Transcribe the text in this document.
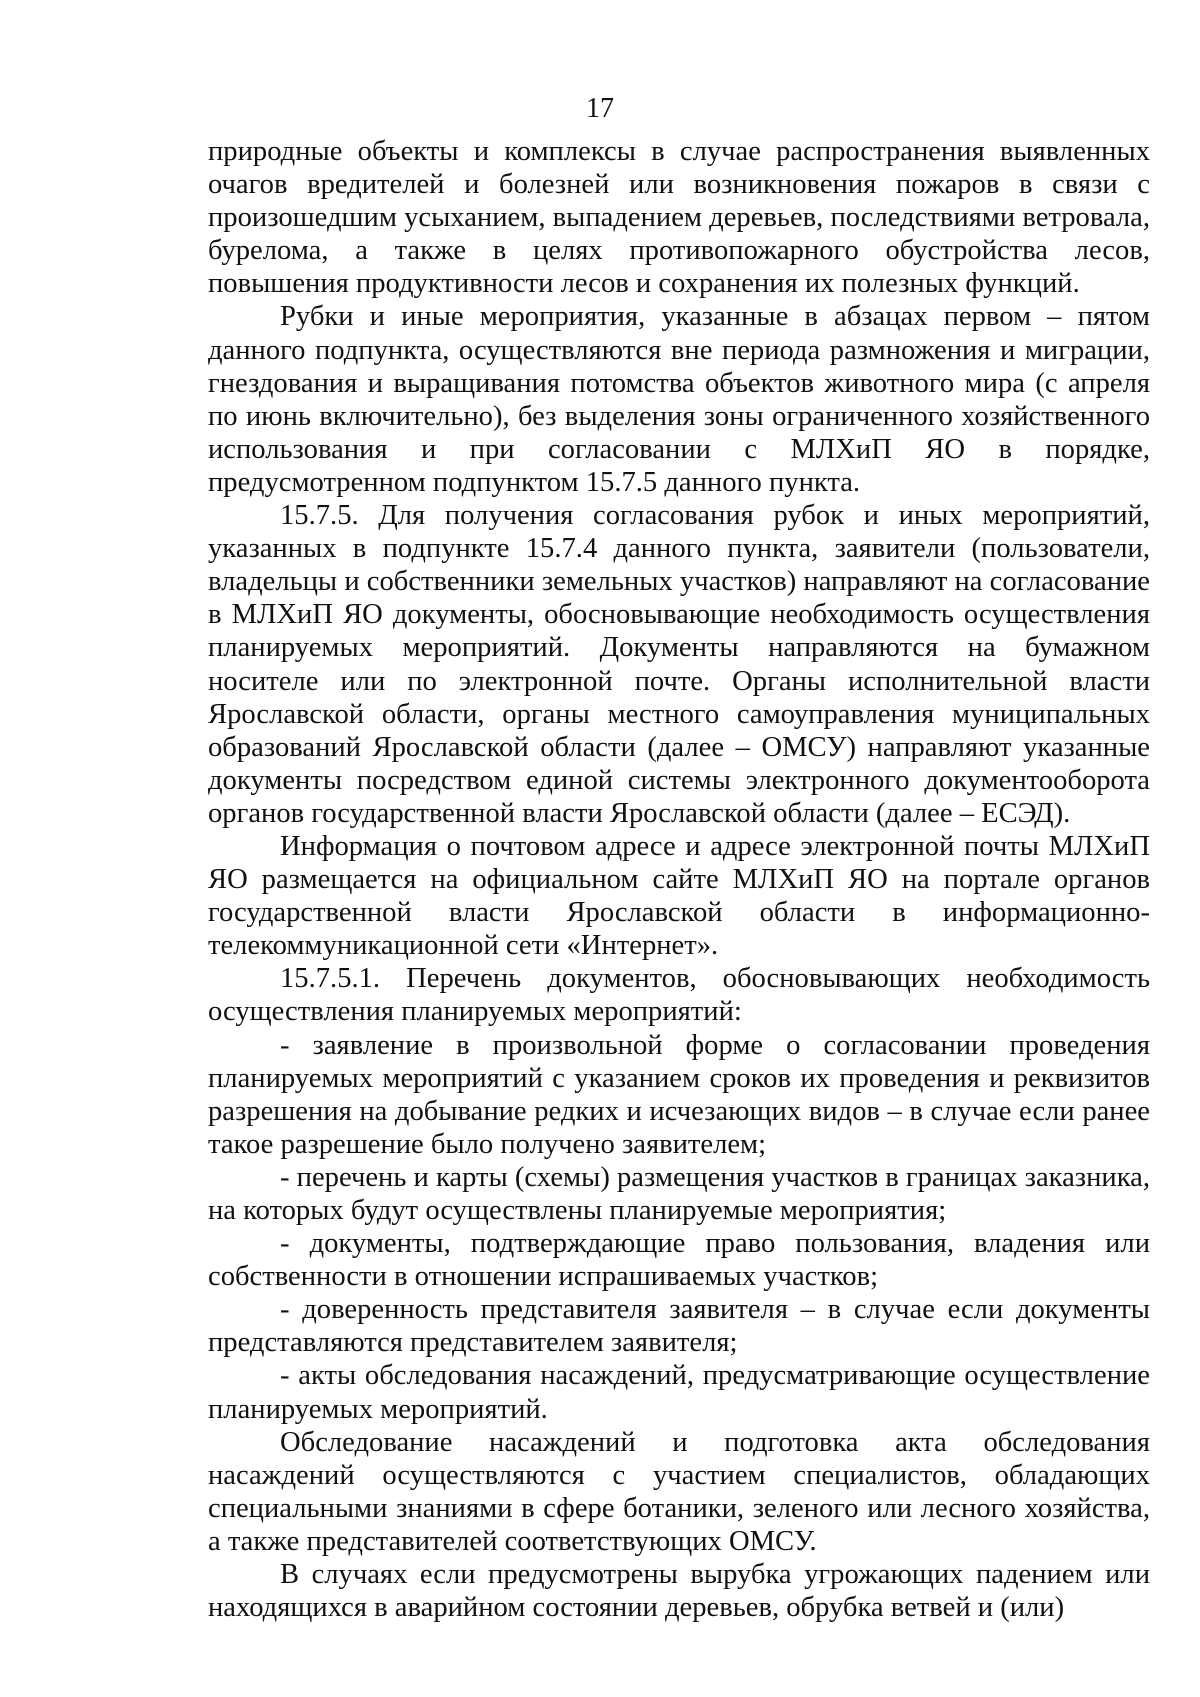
17

природные объекты и комплексы в случае распространения выявленных очагов вредителей и болезней или возникновения пожаров в связи с произошедшим усыханием, выпадением деревьев, последствиями ветровала, бурелома, а также в целях противопожарного обустройства лесов, повышения продуктивности лесов и сохранения их полезных функций.

Рубки и иные мероприятия, указанные в абзацах первом – пятом данного подпункта, осуществляются вне периода размножения и миграции, гнездования и выращивания потомства объектов животного мира (с апреля по июнь включительно), без выделения зоны ограниченного хозяйственного использования и при согласовании с МЛХиП ЯО в порядке, предусмотренном подпунктом 15.7.5 данного пункта.

15.7.5. Для получения согласования рубок и иных мероприятий, указанных в подпункте 15.7.4 данного пункта, заявители (пользователи, владельцы и собственники земельных участков) направляют на согласование в МЛХиП ЯО документы, обосновывающие необходимость осуществления планируемых мероприятий. Документы направляются на бумажном носителе или по электронной почте. Органы исполнительной власти Ярославской области, органы местного самоуправления муниципальных образований Ярославской области (далее – ОМСУ) направляют указанные документы посредством единой системы электронного документооборота органов государственной власти Ярославской области (далее – ЕСЭД).

Информация о почтовом адресе и адресе электронной почты МЛХиП ЯО размещается на официальном сайте МЛХиП ЯО на портале органов государственной власти Ярославской области в информационно-телекоммуникационной сети «Интернет».

15.7.5.1. Перечень документов, обосновывающих необходимость осуществления планируемых мероприятий:

- заявление в произвольной форме о согласовании проведения планируемых мероприятий с указанием сроков их проведения и реквизитов разрешения на добывание редких и исчезающих видов – в случае если ранее такое разрешение было получено заявителем;

- перечень и карты (схемы) размещения участков в границах заказника, на которых будут осуществлены планируемые мероприятия;

- документы, подтверждающие право пользования, владения или собственности в отношении испрашиваемых участков;

- доверенность представителя заявителя – в случае если документы представляются представителем заявителя;

- акты обследования насаждений, предусматривающие осуществление планируемых мероприятий.

Обследование насаждений и подготовка акта обследования насаждений осуществляются с участием специалистов, обладающих специальными знаниями в сфере ботаники, зеленого или лесного хозяйства, а также представителей соответствующих ОМСУ.

В случаях если предусмотрены вырубка угрожающих падением или находящихся в аварийном состоянии деревьев, обрубка ветвей и (или)
